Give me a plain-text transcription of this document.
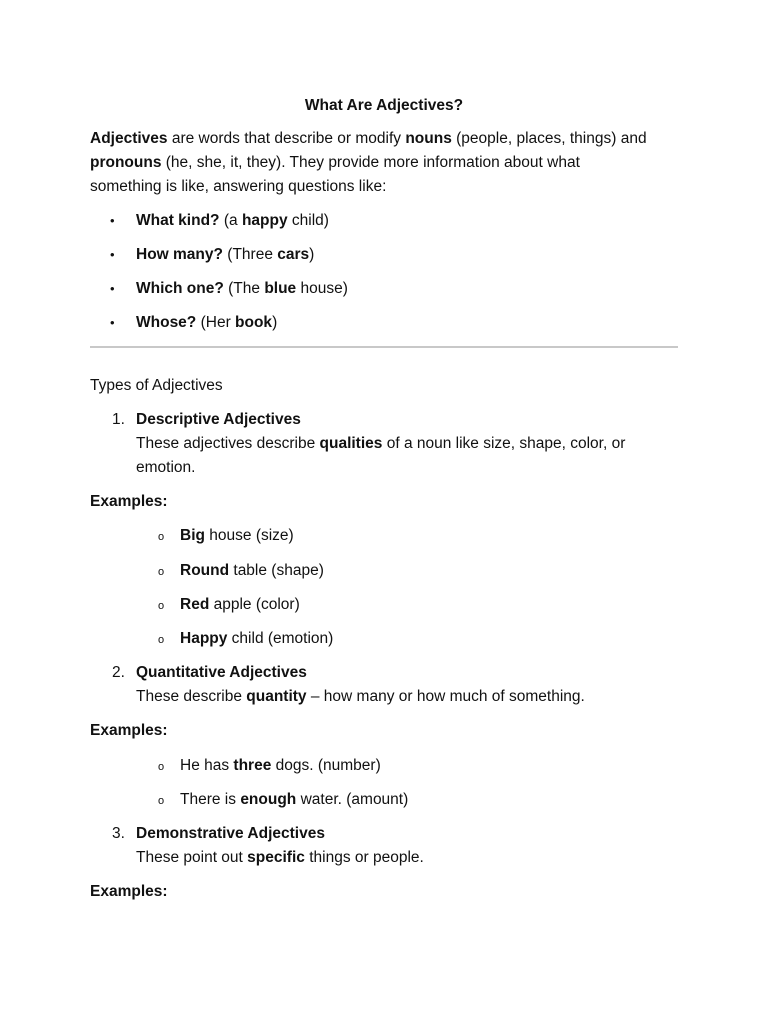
What Are Adjectives?
Adjectives are words that describe or modify nouns (people, places, things) and
pronouns (he, she, it, they). They provide more information about what
something is like, answering questions like:
• What kind? (a happy child)
• How many? (Three cars)
• Which one? (The blue house)
• Whose? (Her book)
Types of Adjectives
1. Descriptive Adjectives
These adjectives describe qualities of a noun like size, shape, color, or
emotion.
Examples:
o Big house (size)
o Round table (shape)
o Red apple (color)
o Happy child (emotion)
2. Quantitative Adjectives
These describe quantity – how many or how much of something.
Examples:
o He has three dogs. (number)
o There is enough water. (amount)
3. Demonstrative Adjectives
These point out specific things or people.
Examples:
